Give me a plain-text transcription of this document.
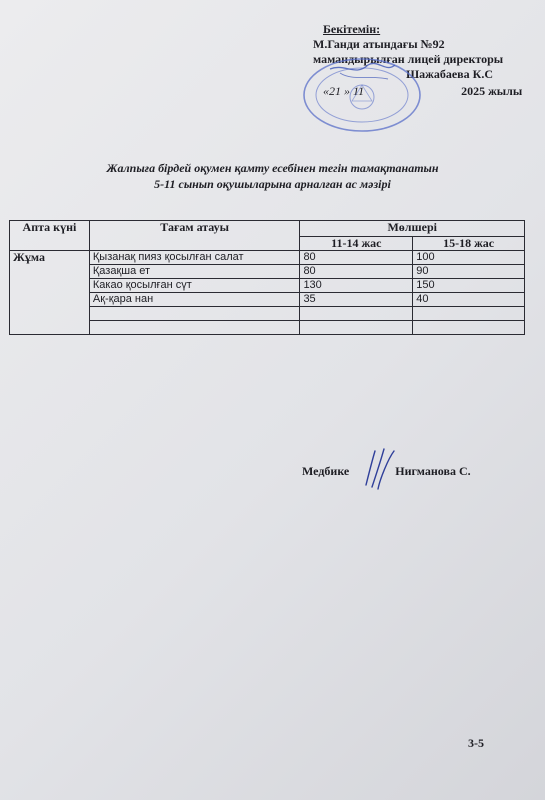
Бекітемін:
М.Ганди атындағы №92
мамандырылған лицей директоры
Шажабаева К.С
«21 » 11	2025 жылы
Жалпыға бірдей оқумен қамту есебінен тегін тамақтанатын
5-11 сынып оқушыларына арналған ас мәзірі
Апта күні	Тағам атауы	Мөлшері	
		11-14 жас	15-18 жас
Жұма	Қызанақ пияз қосылған салат	80	100
	Қазақша ет	80	90
	Какао қосылған сүт	130	150
	Ақ-қара нан	35	40

Медбике	Нигманова С.
3-5
